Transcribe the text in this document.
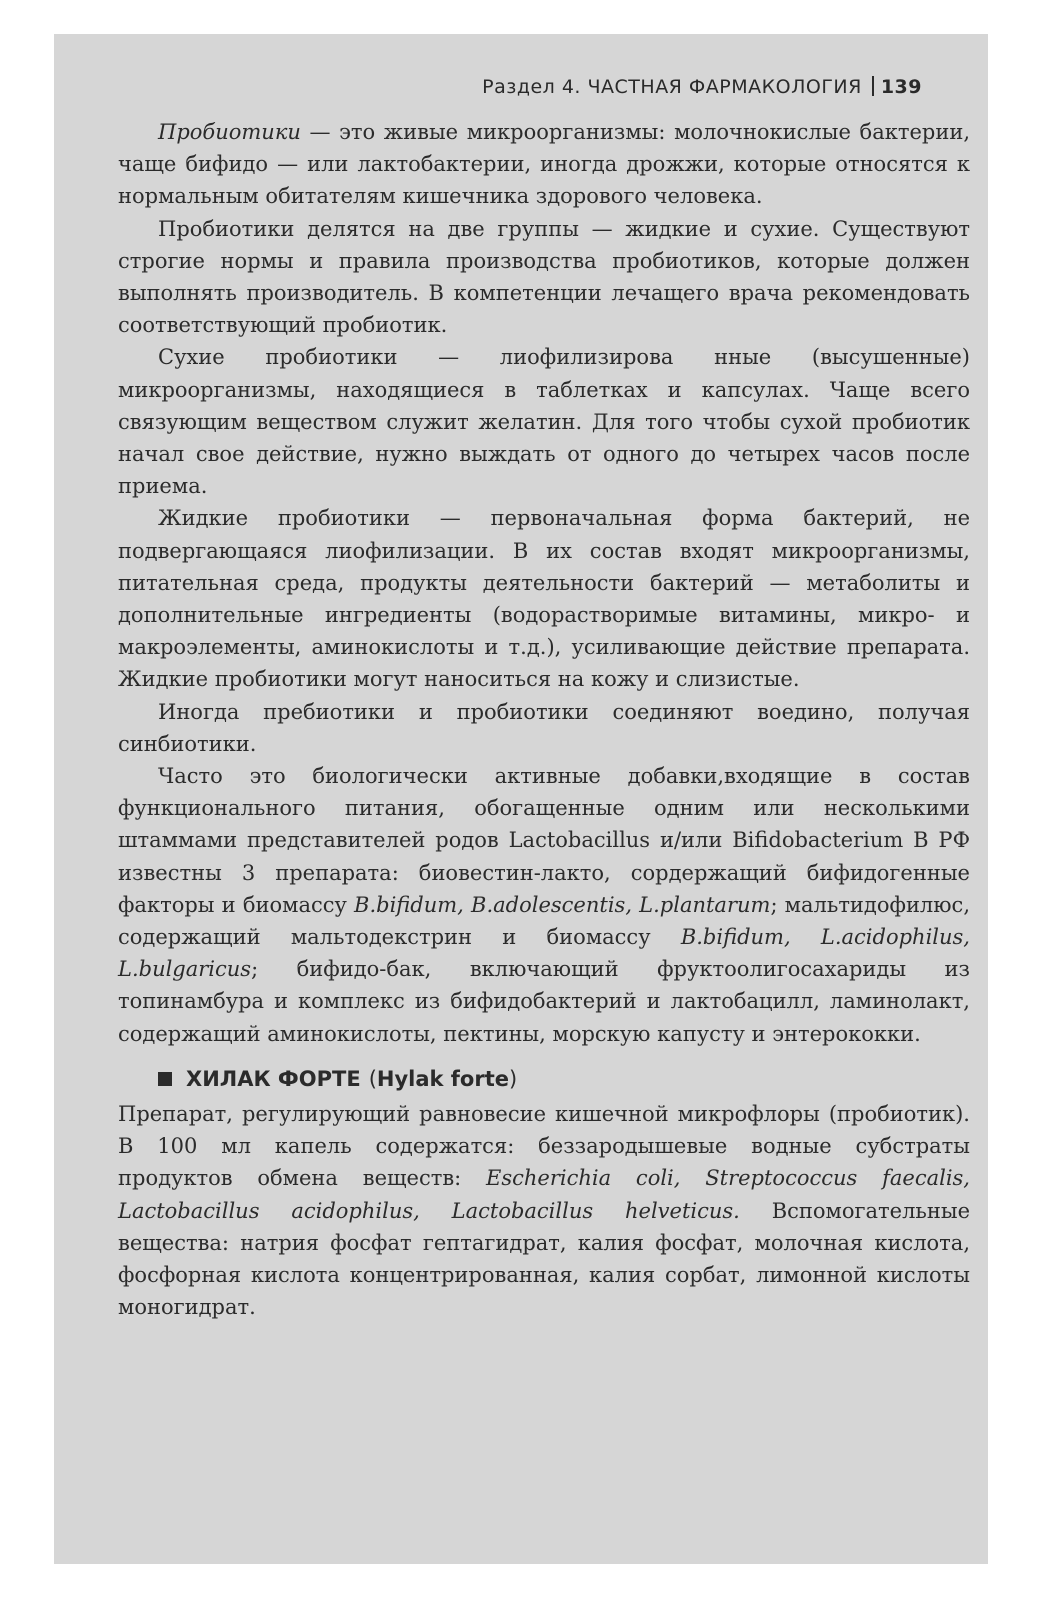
Раздел 4. ЧАСТНАЯ ФАРМАКОЛОГИЯ 139

Пробиотики — это живые микроорганизмы: молочнокислые бактерии, чаще бифидо — или лактобактерии, иногда дрожжи, которые относятся к нормальным обитателям кишечника здорового человека.

Пробиотики делятся на две группы — жидкие и сухие. Существуют строгие нормы и правила производства пробиотиков, которые должен выполнять производитель. В компетенции лечащего врача рекомендовать соответствующий пробиотик.

Сухие пробиотики — лиофилизирова нные (высушенные) микроорганизмы, находящиеся в таблетках и капсулах. Чаще всего связующим веществом служит желатин. Для того чтобы сухой пробиотик начал свое действие, нужно выждать от одного до четырех часов после приема.

Жидкие пробиотики — первоначальная форма бактерий, не подвергающаяся лиофилизации. В их состав входят микроорганизмы, питательная среда, продукты деятельности бактерий — метаболиты и дополнительные ингредиенты (водорастворимые витамины, микро- и макроэлементы, аминокислоты и т.д.), усиливающие действие препарата. Жидкие пробиотики могут наноситься на кожу и слизистые.

Иногда пребиотики и пробиотики соединяют воедино, получая синбиотики.

Часто это биологически активные добавки,входящие в состав функционального питания, обогащенные одним или несколькими штаммами представителей родов Lactobacillus и/или Bifidobacterium В РФ известны 3 препарата: биовестин-лакто, сордержащий бифидогенные факторы и биомассу B.bifidum, B.adolescentis, L.plantarum; мальтидофилюс, содержащий мальтодекстрин и биомассу B.bifidum, L.acidophilus, L.bulgaricus; бифидо-бак, включающий фруктоолигосахариды из топинамбура и комплекс из бифидобактерий и лактобацилл, ламинолакт, содержащий аминокислоты, пектины, морскую капусту и энтерококки.

ХИЛАК ФОРТЕ (Hylak forte)

Препарат, регулирующий равновесие кишечной микрофлоры (пробиотик). В 100 мл капель содержатся: беззародышевые водные субстраты продуктов обмена веществ: Escherichia coli, Streptococcus faecalis, Lactobacillus acidophilus, Lactobacillus helveticus. Вспомогательные вещества: натрия фосфат гептагидрат, калия фосфат, молочная кислота, фосфорная кислота концентрированная, калия сорбат, лимонной кислоты моногидрат.
